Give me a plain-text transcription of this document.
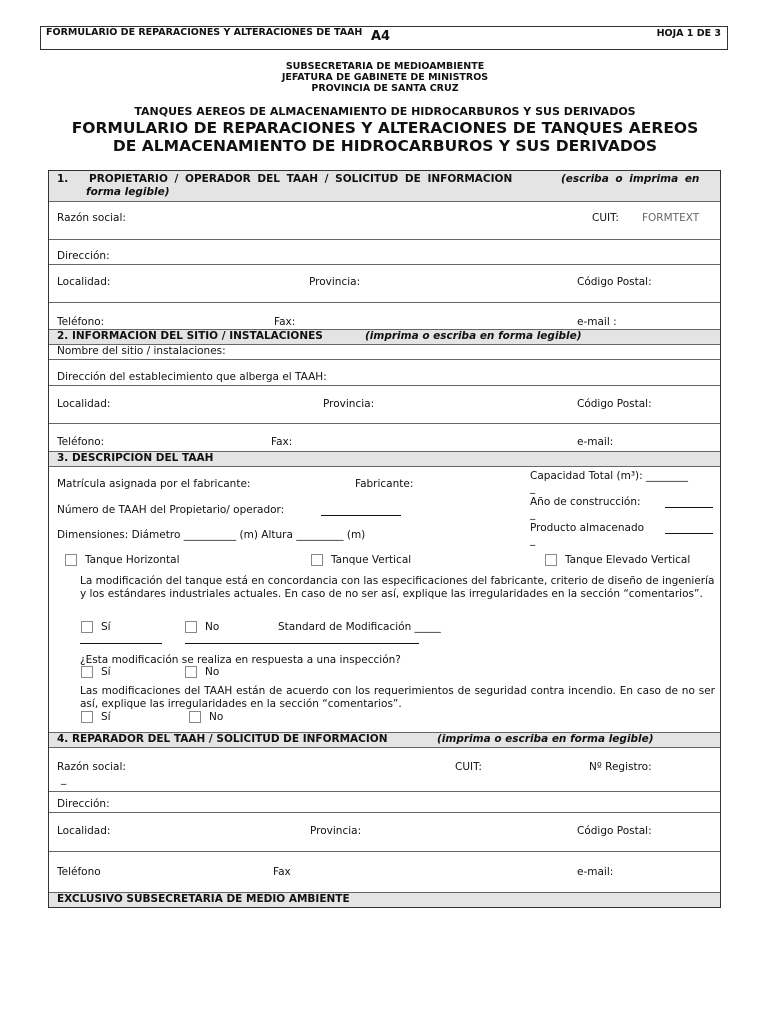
FORMULARIO DE REPARACIONES Y ALTERACIONES DE TAAH A4	HOJA 1 DE 3
SUBSECRETARIA DE MEDIOAMBIENTE
JEFATURA DE GABINETE DE MINISTROS
PROVINCIA DE SANTA CRUZ
TANQUES AEREOS DE ALMACENAMIENTO DE HIDROCARBUROS Y SUS DERIVADOS
FORMULARIO DE REPARACIONES Y ALTERACIONES DE TANQUES AEREOS
DE ALMACENAMIENTO DE HIDROCARBUROS Y SUS DERIVADOS
1. PROPIETARIO / OPERADOR DEL TAAH / SOLICITUD DE INFORMACION	(escriba o imprima en
forma legible)
Razón social:	CUIT: FORMTEXT
Dirección:
Localidad:	Provincia:	Código Postal:
Teléfono:	Fax:	e-mail :
2. INFORMACION DEL SITIO / INSTALACIONES	(imprima o escriba en forma legible)
Nombre del sitio / instalaciones:
Dirección del establecimiento que alberga el TAAH:
Localidad:	Provincia:	Código Postal:
Teléfono:	Fax:	e-mail:
3. DESCRIPCION DEL TAAH
Matrícula asignada por el fabricante:	Fabricante:
Capacidad Total (m³): ________
_
Número de TAAH del Propietario/ operador:
Año de construcción:
_
Dimensiones: Diámetro __________ (m) Altura _________ (m)
Producto almacenado
_
Tanque Horizontal	Tanque Vertical	Tanque Elevado Vertical
La modificación del tanque está en concordancia con las especificaciones del fabricante, criterio de diseño de ingeniería y los estándares industriales actuales. En caso de no ser así, explique las irregularidades en la sección “comentarios”.
Sí	No	Standard de Modificación _____
¿Esta modificación se realiza en respuesta a una inspección?
Sí	No
Las modificaciones del TAAH están de acuerdo con los requerimientos de seguridad contra incendio. En caso de no ser así, explique las irregularidades en la sección “comentarios”.
Sí	No
4. REPARADOR DEL TAAH / SOLICITUD DE INFORMACION	(imprima o escriba en forma legible)
Razón social:
_
CUIT:	Nº Registro:
Dirección:
Localidad:	Provincia:	Código Postal:
Teléfono	Fax	e-mail:
EXCLUSIVO SUBSECRETARIA DE MEDIO AMBIENTE
